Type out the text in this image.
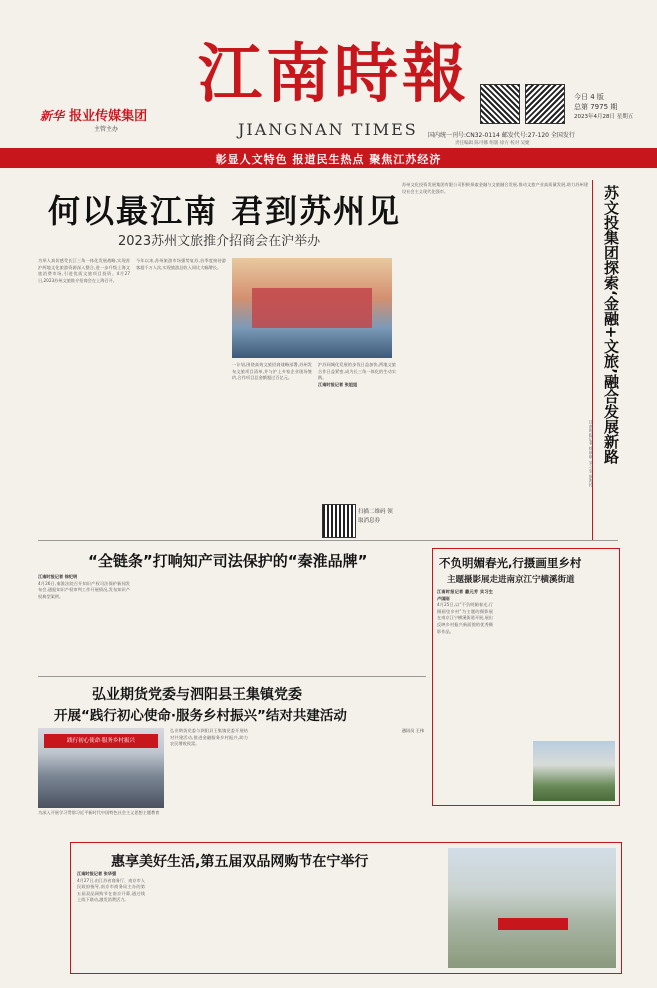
新华 报业传媒集团
主管主办
江南時報
JIANGNAN TIMES
今日 4 版
总第 7975 期
2023年4月28日 星期五
国内统一刊号:CN32-0114 邮发代号:27-120 全国发行
责任编辑 陈可娜 组版 徐方 校对 吴婕
彰显人文特色 报道民生热点 聚焦江苏经济
何以最江南 君到苏州见
2023苏州文旅推介招商会在沪举办
为举人真切感受长江三角一体化发展战略,实现苏沪两地文化旅游资源深入整合,进一步升级上海文旅消费市场,引进优质文旅项目投资。4月27日,2023苏州文旅推介招商会在上海召开。
今年以来,苏州旅游市场强势复苏,首季度接待游客超千万人次,实现旅游总收入同比大幅增长。
一计划,围绕高效文旅招商战略部署,苏州发布文旅项目清单,并与沪上多家企业现场签约,合作项目总金额超过百亿元。
沪苏同城化发展的步伐日益加快,两地文旅合作日益紧密,成为长三角一体化的生动实践。
江南时报记者 张姐姐
扫描二维码 领取消息券
苏州文化投资发展集团有限公司积极探索金融与文旅融合发展,推动文旅产业高质量发展,助力苏州建设社会主义现代化强市。	苏文投集团探索‘金融+文旅’融合发展新路
江南时报记者 徐明明 实习生 周海玲
“全链条”打响知产司法保护的“秦淮品牌”
江南时报记者 徐纪明
4月26日,秦淮法院召开知识产权司法保护新闻发布会,通报知识产权审判工作开展情况,发布知识产权典型案例。
不负明媚春光,行摄画里乡村
主题摄影展走进南京江宁横溪街道
江南时报记者 戴元芳 实习生 卢国刚
4月25日,以“不负明媚春光,行摄画里乡村”为主题的摄影展在南京江宁横溪街道开展,展出反映乡村振兴新面貌的优秀摄影作品。
弘业期货党委与泗阳县王集镇党委
开展“践行初心使命·服务乡村振兴”结对共建活动
践行初心使命·服务乡村振兴
为深入开展学习贯彻习近平新时代中国特色社会主义思想主题教育
弘业期货党委与泗阳县王集镇党委开展结对共建活动,推进金融服务乡村振兴,助力农民增收致富。
通讯员 王伟
惠享美好生活,第五届双品网购节在宁举行
江南时报记者 张华强
4月27日,由江苏省商务厅、南京市人民政府指导,南京市商务局主办的第五届双品网购节在南京开幕,通过线上线下联动,激发消费活力。
